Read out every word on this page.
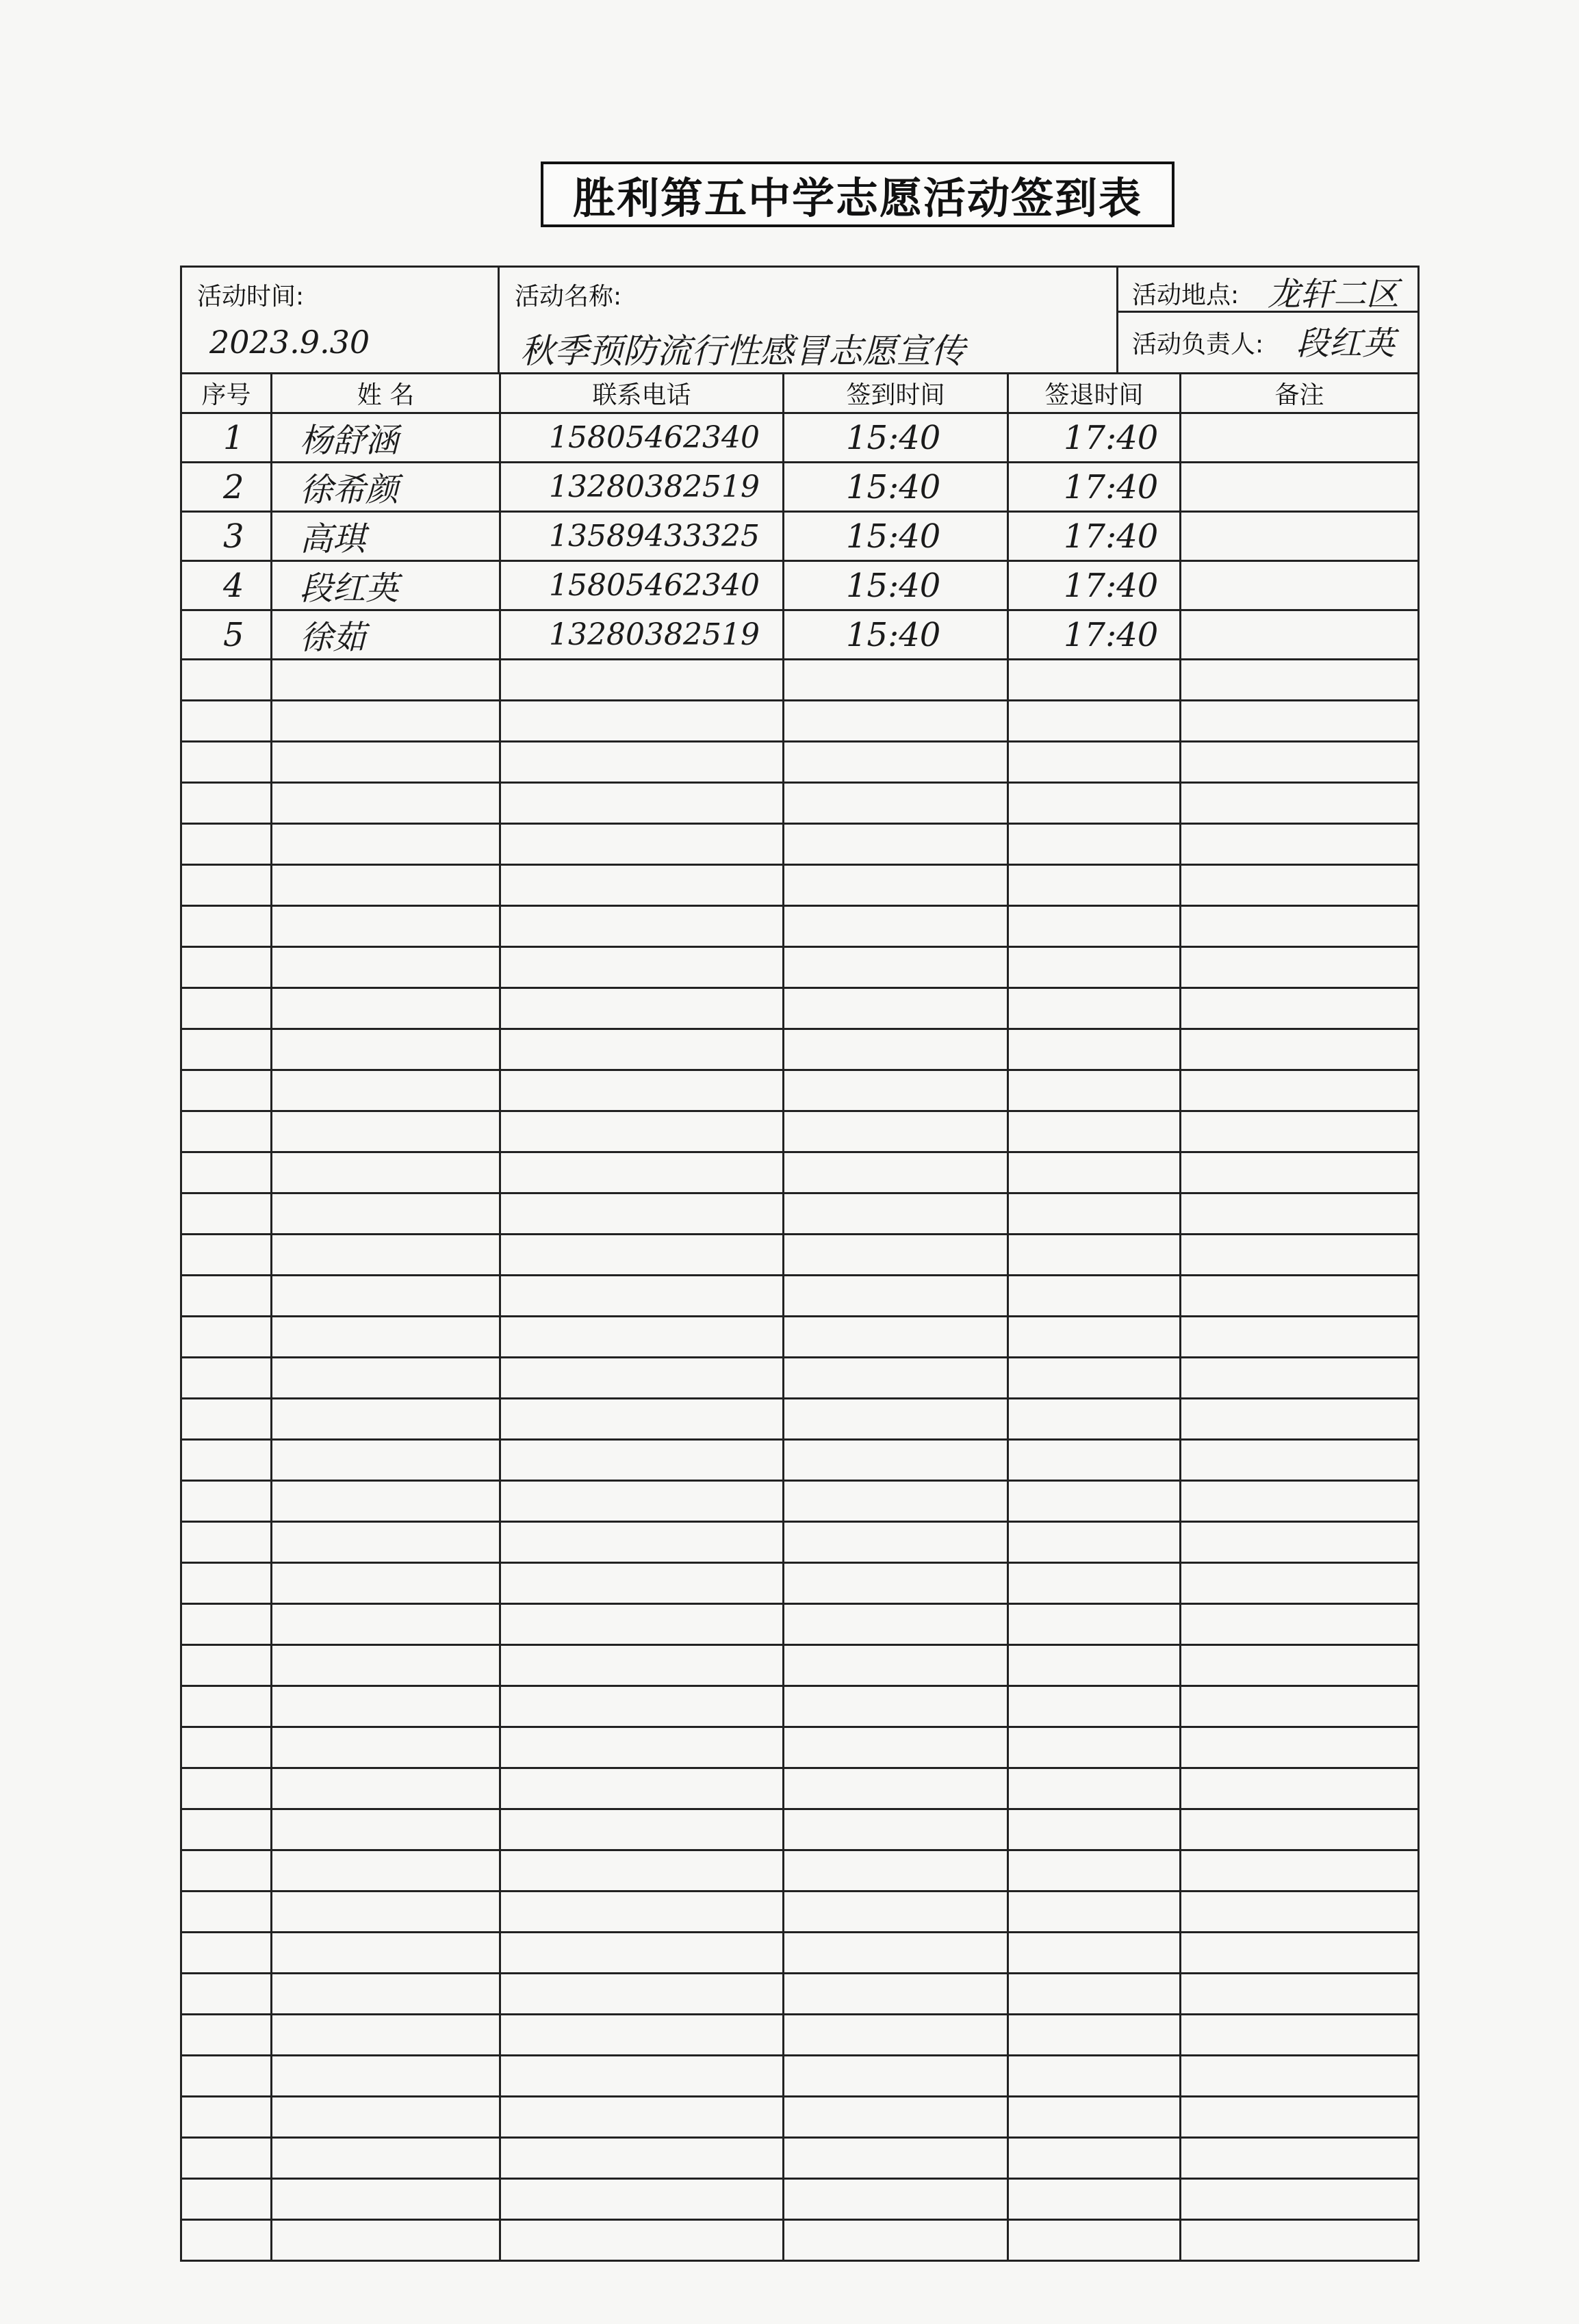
胜利第五中学志愿活动签到表
活动时间:
2023.9.30

活动名称:
秋季预防流行性感冒志愿宣传

活动地点: 龙轩二区

活动负责人: 段红英
序号	姓 名	联系电话	签到时间	签退时间	备注
1	杨舒涵	15805462340	15:40	17:40	
2	徐希颜	13280382519	15:40	17:40	
3	高琪	13589433325	15:40	17:40	
4	段红英	15805462340	15:40	17:40	
5	徐茹	13280382519	15:40	17:40	
